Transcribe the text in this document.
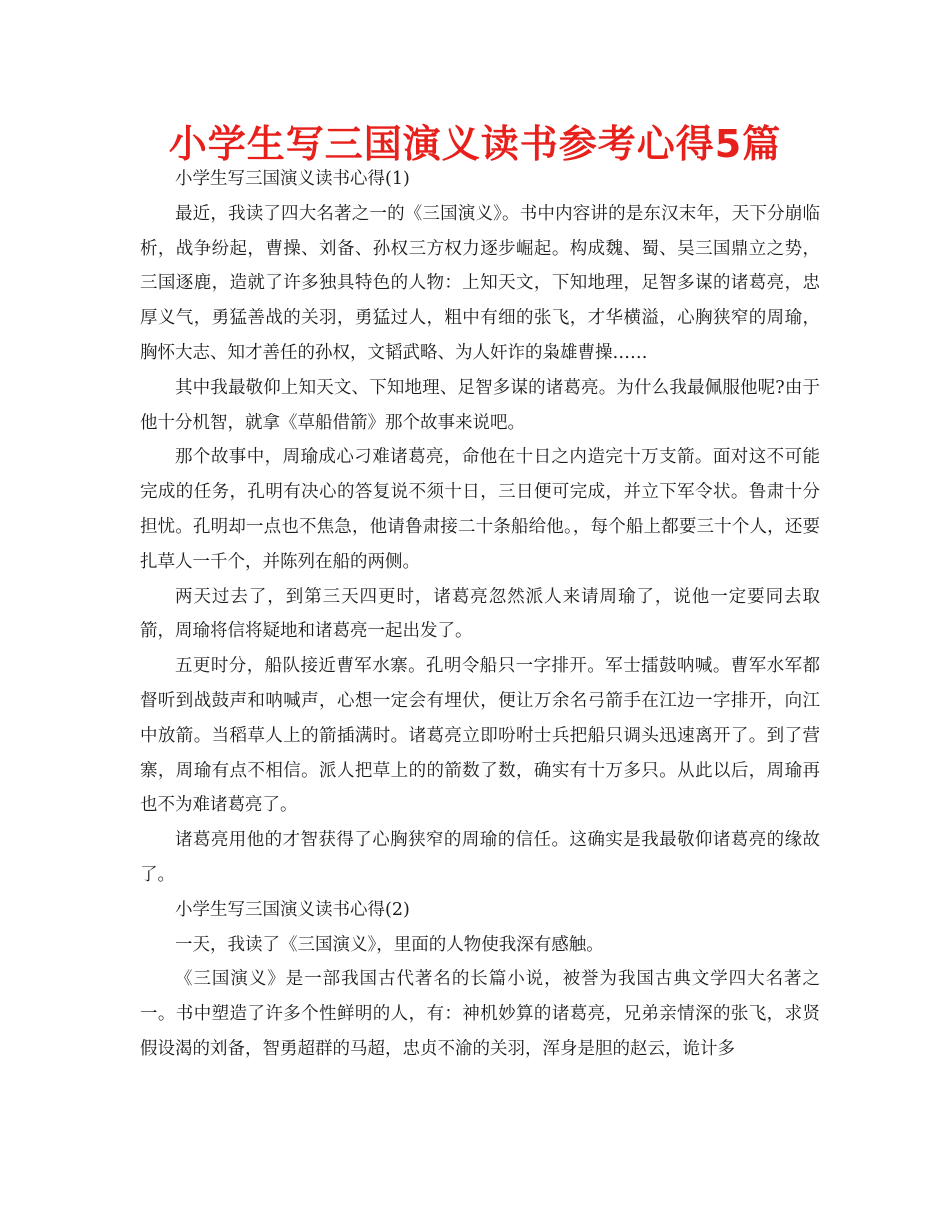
小学生写三国演义读书参考心得5篇

小学生写三国演义读书心得(1)

最近，我读了四大名著之一的《三国演义》。书中内容讲的是东汉末年，天下分崩临析，战争纷起，曹操、刘备、孙权三方权力逐步崛起。构成魏、蜀、吴三国鼎立之势，三国逐鹿，造就了许多独具特色的人物：上知天文，下知地理，足智多谋的诸葛亮，忠厚义气，勇猛善战的关羽，勇猛过人，粗中有细的张飞，才华横溢，心胸狭窄的周瑜，胸怀大志、知才善任的孙权，文韬武略、为人奸诈的枭雄曹操……

其中我最敬仰上知天文、下知地理、足智多谋的诸葛亮。为什么我最佩服他呢?由于他十分机智，就拿《草船借箭》那个故事来说吧。

那个故事中，周瑜成心刁难诸葛亮，命他在十日之内造完十万支箭。面对这不可能完成的任务，孔明有决心的答复说不须十日，三日便可完成，并立下军令状。鲁肃十分担忧。孔明却一点也不焦急，他请鲁肃接二十条船给他。，每个船上都要三十个人，还要扎草人一千个，并陈列在船的两侧。

两天过去了，到第三天四更时，诸葛亮忽然派人来请周瑜了，说他一定要同去取箭，周瑜将信将疑地和诸葛亮一起出发了。

五更时分，船队接近曹军水寨。孔明令船只一字排开。军士擂鼓呐喊。曹军水军都督听到战鼓声和呐喊声，心想一定会有埋伏，便让万余名弓箭手在江边一字排开，向江中放箭。当稻草人上的箭插满时。诸葛亮立即吩咐士兵把船只调头迅速离开了。到了营寨，周瑜有点不相信。派人把草上的的箭数了数，确实有十万多只。从此以后，周瑜再也不为难诸葛亮了。

诸葛亮用他的才智获得了心胸狭窄的周瑜的信任。这确实是我最敬仰诸葛亮的缘故了。

小学生写三国演义读书心得(2)

一天，我读了《三国演义》，里面的人物使我深有感触。

《三国演义》是一部我国古代著名的长篇小说，被誉为我国古典文学四大名著之一。书中塑造了许多个性鲜明的人，有：神机妙算的诸葛亮，兄弟亲情深的张飞，求贤假设渴的刘备，智勇超群的马超，忠贞不渝的关羽，浑身是胆的赵云，诡计多
